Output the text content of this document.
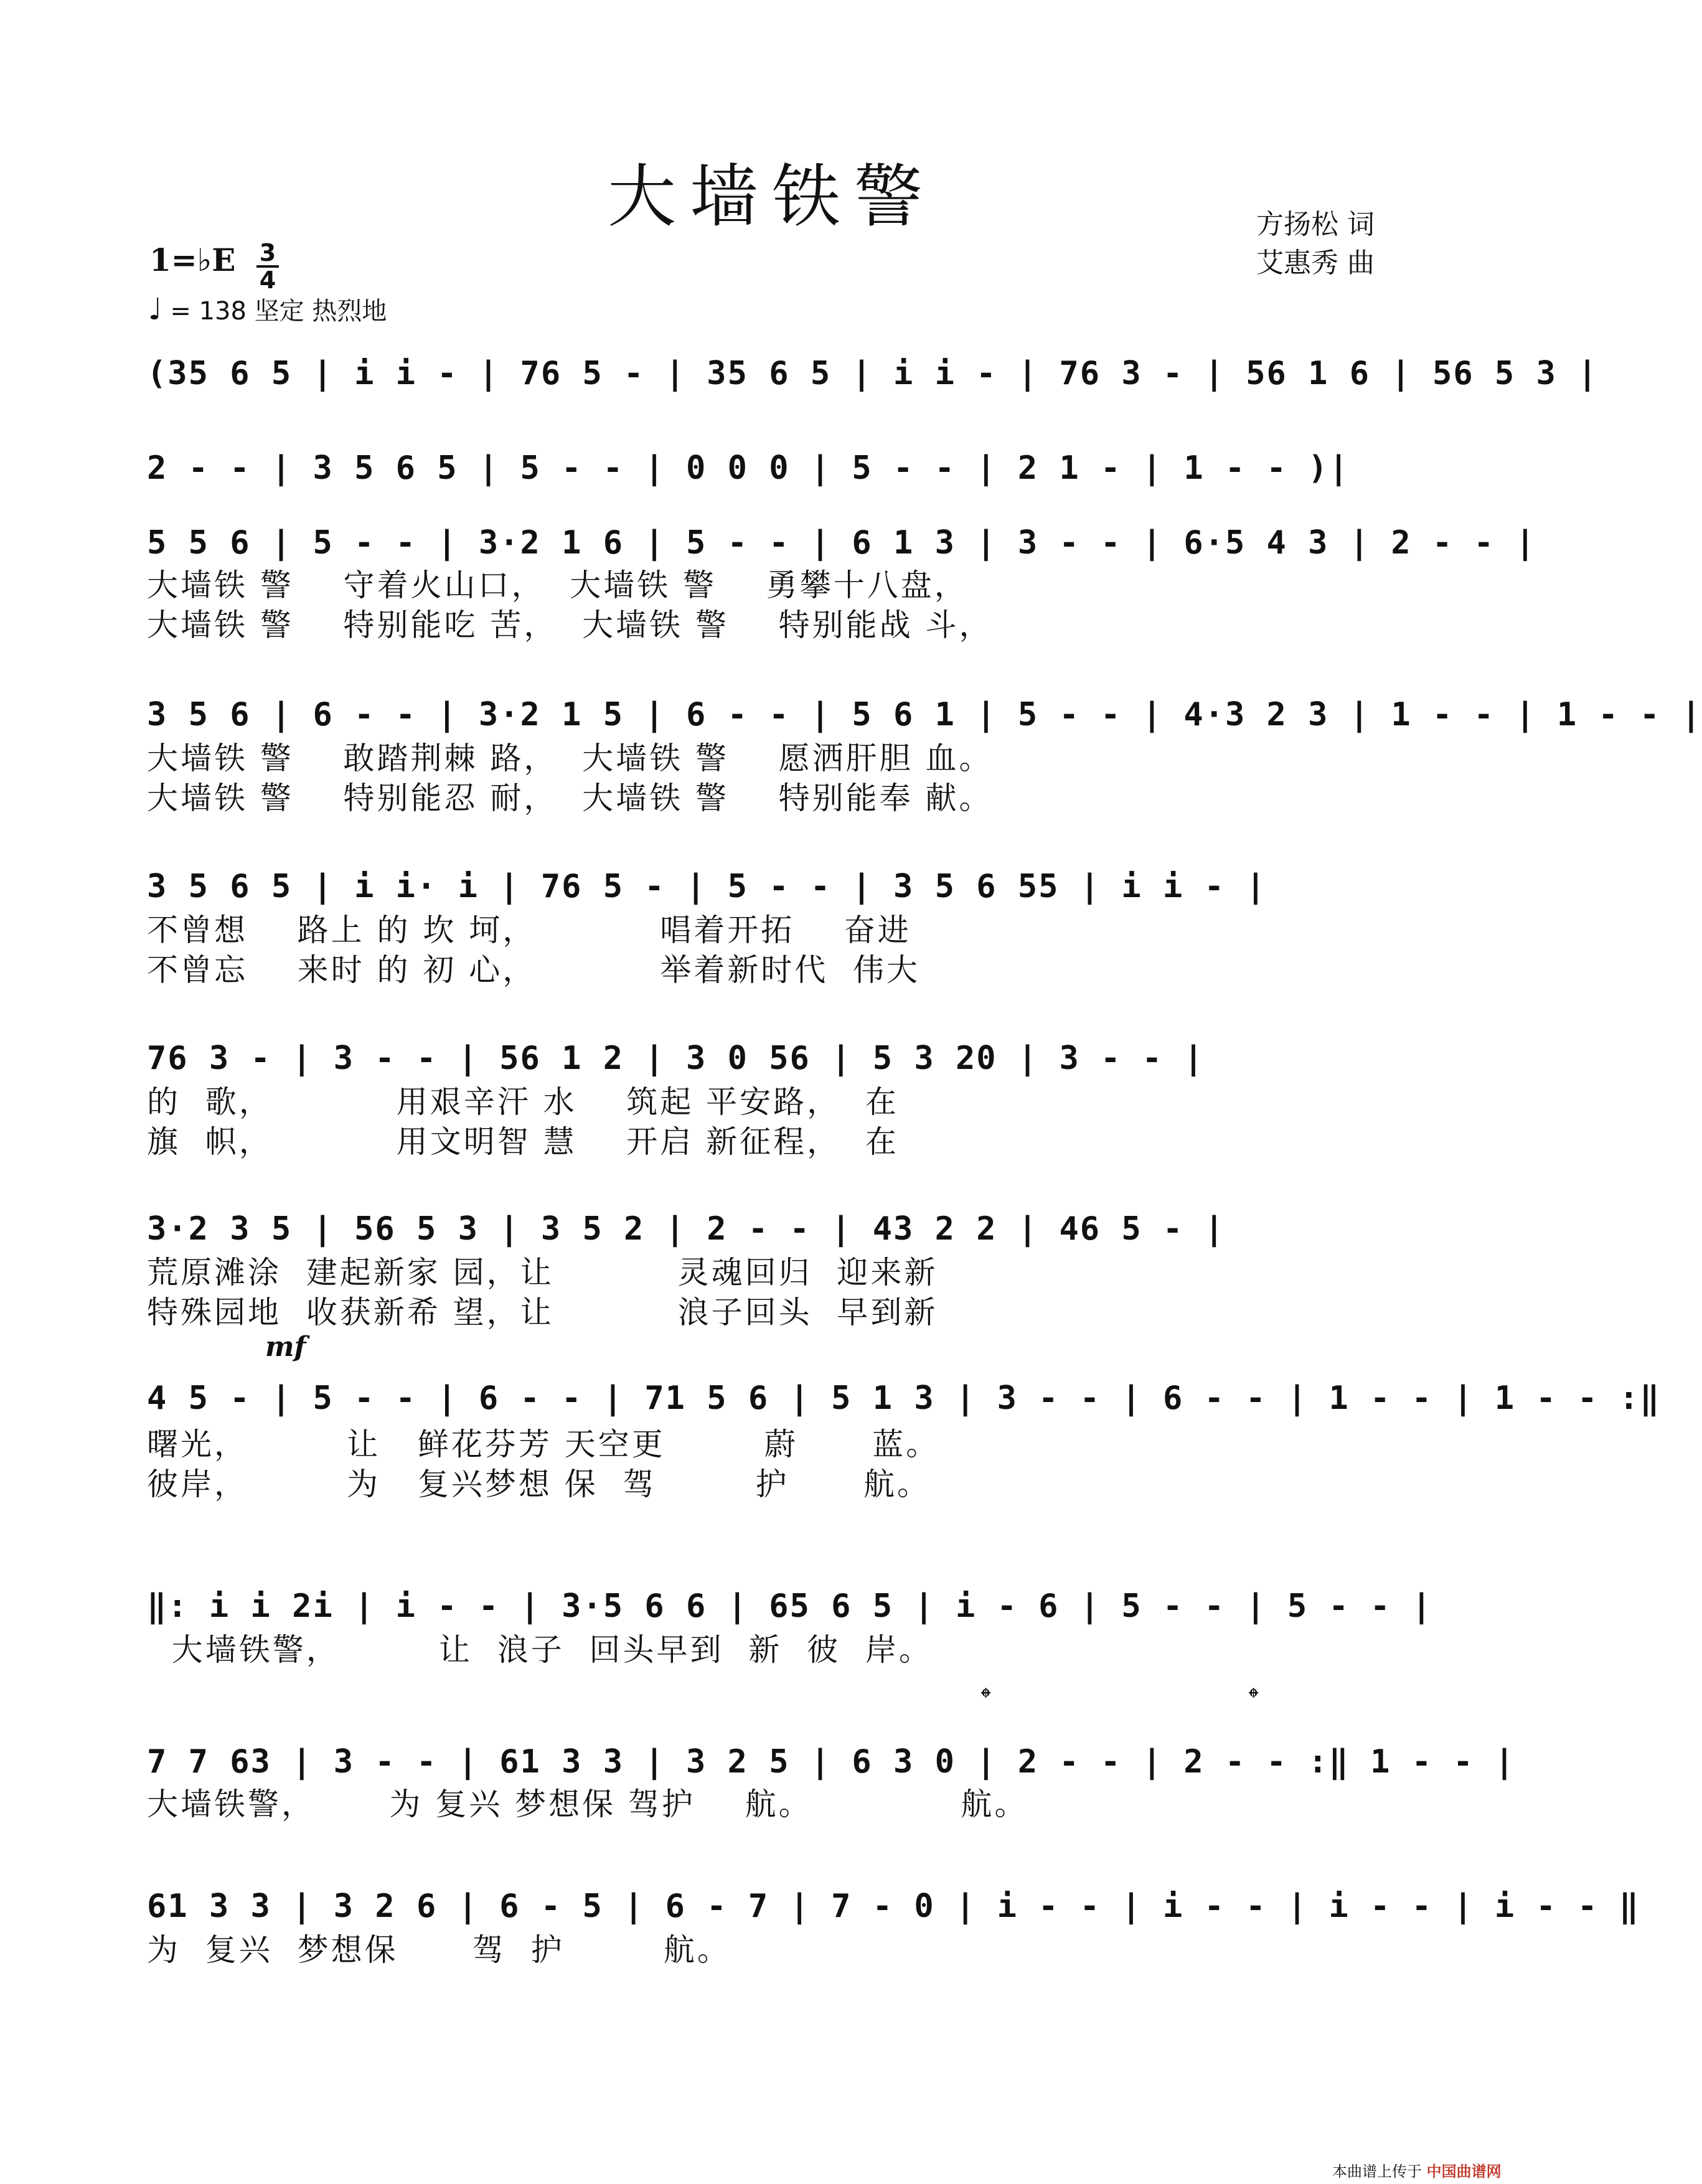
大墙铁警	方扬松 词
艾惠秀 曲
1=♭E 3
4
♩ = 138 坚定 热烈地
(35 6 5 | i i - | 76 5 - | 35 6 5 | i i - | 76 3 - | 56 1 6 | 56 5 3 |
2 - - | 3 5 6 5 | 5 - - | 0 0 0 | 5 - - | 2 1 - | 1 - - )|
5 5 6 | 5 - - | 3·2 1 6 | 5 - - | 6 1 3 | 3 - - | 6·5 4 3 | 2 - - |
大墙铁 警    守着火山口，  大墙铁 警    勇攀十八盘，
大墙铁 警    特别能吃 苦，  大墙铁 警    特别能战 斗，
3 5 6 | 6 - - | 3·2 1 5 | 6 - - | 5 6 1 | 5 - - | 4·3 2 3 | 1 - - | 1 - - |
大墙铁 警    敢踏荆棘 路，  大墙铁 警    愿洒肝胆 血。
大墙铁 警    特别能忍 耐，  大墙铁 警    特别能奉 献。
3 5 6 5 | i i· i | 76 5 - | 5 - - | 3 5 6 55 | i i - |
不曾想    路上 的 坎 坷，          唱着开拓    奋进
不曾忘    来时 的 初 心，          举着新时代  伟大
76 3 - | 3 - - | 56 1 2 | 3 0 56 | 5 3 20 | 3 - - |
的  歌，          用艰辛汗 水    筑起 平安路，  在
旗  帜，          用文明智 慧    开启 新征程，  在
3·2 3 5 | 56 5 3 | 3 5 2 | 2 - - | 43 2 2 | 46 5 - |
荒原滩涂  建起新家 园，让          灵魂回归  迎来新
特殊园地  收获新希 望，让          浪子回头  早到新
mf
4 5 - | 5 - - | 6 - - | 71 5 6 | 5 1 3 | 3 - - | 6 - - | 1 - - | 1 - - :‖
曙光，        让   鲜花芬芳 天空更        蔚      蓝。
彼岸，        为   复兴梦想 保  驾        护      航。
‖: i i 2i | i - - | 3·5 6 6 | 65 6 5 | i - 6 | 5 - - | 5 - - |
大墙铁警，        让  浪子  回头早到  新  彼  岸。
𝄌	𝄌
7 7 63 | 3 - - | 61 3 3 | 3 2 5 | 6 3 0 | 2 - - | 2 - - :‖ 1 - - |
大墙铁警，      为 复兴 梦想保 驾护    航。            航。
61 3 3 | 3 2 6 | 6 - 5 | 6 - 7 | 7 - 0 | i - - | i - - | i - - | i - - ‖
为  复兴  梦想保      驾  护        航。
本曲谱上传于 中国曲谱网
